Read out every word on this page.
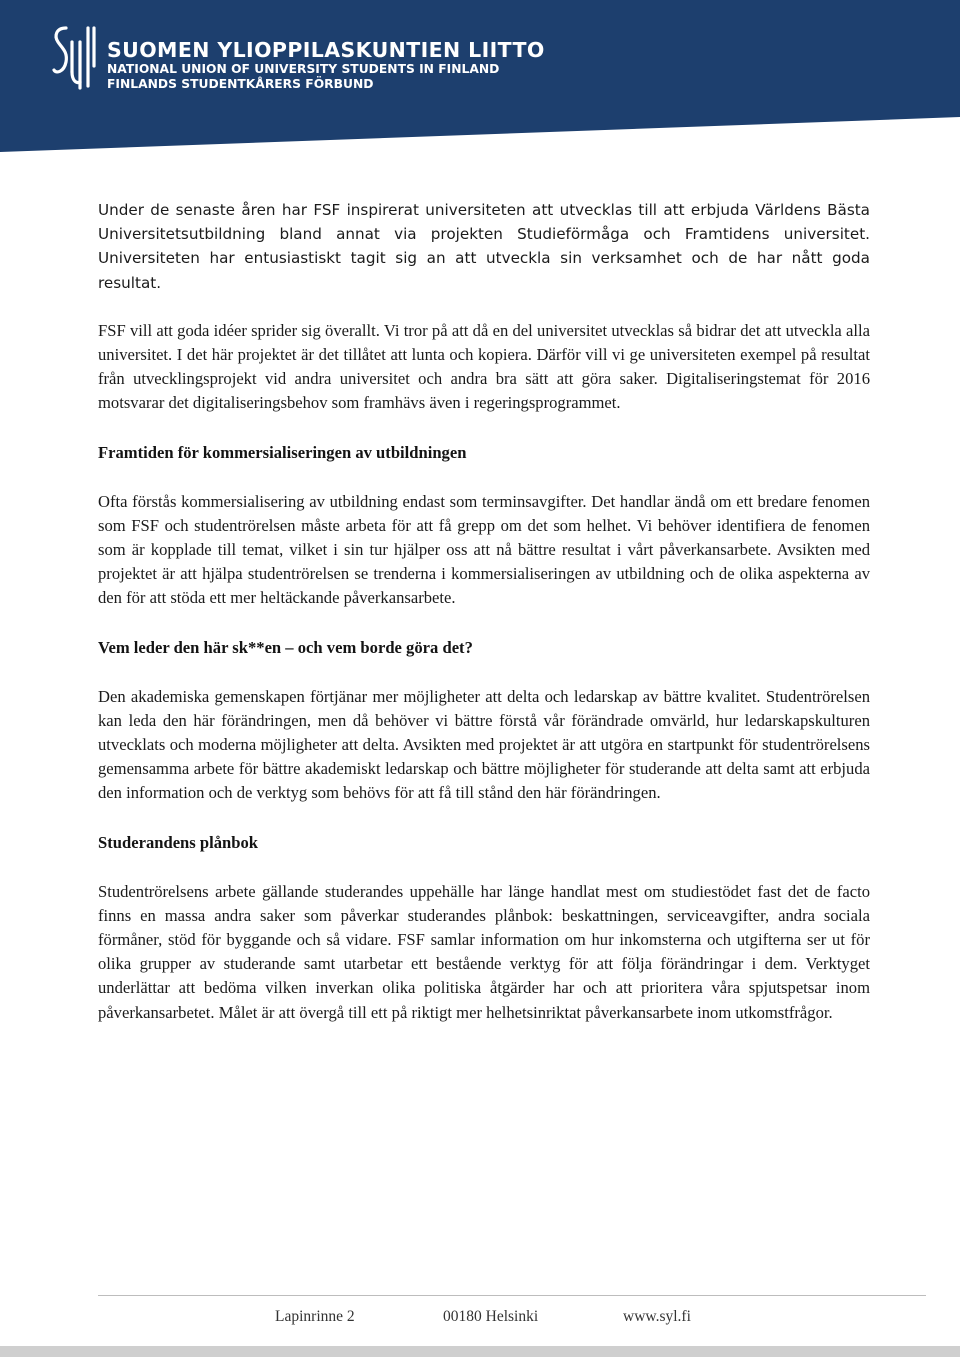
SUOMEN YLIOPPILASKUNTIEN LIITTO
NATIONAL UNION OF UNIVERSITY STUDENTS IN FINLAND
FINLANDS STUDENTKÅRERS FÖRBUND

Under de senaste åren har FSF inspirerat universiteten att utvecklas till att erbjuda Världens Bästa Universitetsutbildning bland annat via projekten Studieförmåga och Framtidens universitet. Universiteten har entusiastiskt tagit sig an att utveckla sin verksamhet och de har nått goda resultat.

FSF vill att goda idéer sprider sig överallt. Vi tror på att då en del universitet utvecklas så bidrar det att utveckla alla universitet. I det här projektet är det tillåtet att lunta och kopiera. Därför vill vi ge universiteten exempel på resultat från utvecklingsprojekt vid andra universitet och andra bra sätt att göra saker. Digitaliseringstemat för 2016 motsvarar det digitaliseringsbehov som framhävs även i regeringsprogrammet.

Framtiden för kommersialiseringen av utbildningen

Ofta förstås kommersialisering av utbildning endast som terminsavgifter. Det handlar ändå om ett bredare fenomen som FSF och studentrörelsen måste arbeta för att få grepp om det som helhet. Vi behöver identifiera de fenomen som är kopplade till temat, vilket i sin tur hjälper oss att nå bättre resultat i vårt påverkansarbete. Avsikten med projektet är att hjälpa studentrörelsen se trenderna i kommersialiseringen av utbildning och de olika aspekterna av den för att stöda ett mer heltäckande påverkansarbete.

Vem leder den här sk**en – och vem borde göra det?

Den akademiska gemenskapen förtjänar mer möjligheter att delta och ledarskap av bättre kvalitet. Studentrörelsen kan leda den här förändringen, men då behöver vi bättre förstå vår förändrade omvärld, hur ledarskapskulturen utvecklats och moderna möjligheter att delta. Avsikten med projektet är att utgöra en startpunkt för studentrörelsens gemensamma arbete för bättre akademiskt ledarskap och bättre möjligheter för studerande att delta samt att erbjuda den information och de verktyg som behövs för att få till stånd den här förändringen.

Studerandens plånbok

Studentrörelsens arbete gällande studerandes uppehälle har länge handlat mest om studiestödet fast det de facto finns en massa andra saker som påverkar studerandes plånbok: beskattningen, serviceavgifter, andra sociala förmåner, stöd för byggande och så vidare. FSF samlar information om hur inkomsterna och utgifterna ser ut för olika grupper av studerande samt utarbetar ett bestående verktyg för att följa förändringar i dem. Verktyget underlättar att bedöma vilken inverkan olika politiska åtgärder har och att prioritera våra spjutspetsar inom påverkansarbetet. Målet är att övergå till ett på riktigt mer helhetsinriktat påverkansarbete inom utkomstfrågor.

Lapinrinne 2	00180 Helsinki	www.syl.fi
